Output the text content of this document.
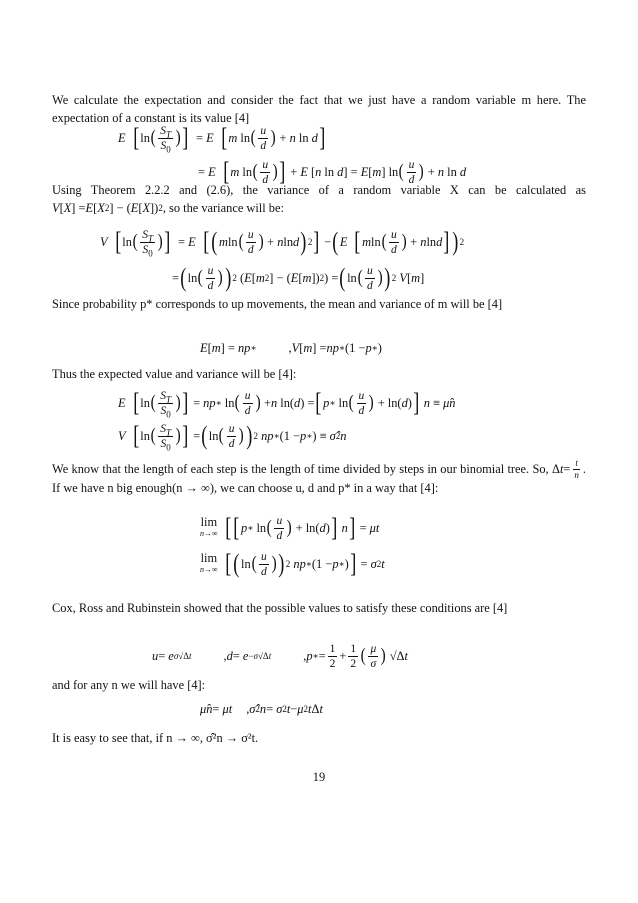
We calculate the expectation and consider the fact that we just have a random variable m here. The expectation of a constant is its value [4]
E [ ln ( $\frac{S_T}{S_0}$ ) ] = E [ m ln ( $\frac{u}{d}$ ) + n ln d ]
= E [ m ln ( $\frac{u}{d}$ ) ] + E [ n ln d ] = E [ m ] ln ( $\frac{u}{d}$ ) + n ln d
Using Theorem 2.2.2 and (2.6), the variance of a random variable X can be calculated as
V [ X ] = E [ X 2 ] − ( E [ X ]) 2 , so the variance will be:
V [ ln ( $\frac{S_T}{S_0}$ ) ] = E [ ( m ln ( $\frac{u}{d}$ ) + n ln d ) 2 ] − ( E [ m ln ( $\frac{u}{d}$ ) + n ln d ] ) 2
= ( ln ( $\frac{u}{d}$ ) ) 2 ( E [ m 2 ] − ( E [ m ]) 2 ) = ( ln ( $\frac{u}{d}$ ) ) 2
V [ m ]
Since probability p* corresponds to up movements, the mean and variance of m will be [4]
E [ m ] = np ∗	, V [ m ] = np ∗ (1 − p ∗ )
Thus the expected value and variance will be [4]:
E [ ln ( $\frac{S_T}{S_0}$ ) ] = np ∗ ln ( $\frac{u}{d}$ ) + n ln( d ) = [ p ∗ ln ( $\frac{u}{d}$ ) + ln( d ) ]
n ≡ μ̂n
V [ ln ( $\frac{S_T}{S_0}$ ) ] = ( ln ( $\frac{u}{d}$ ) ) 2
np ∗ (1 − p ∗ ) ≡ σ̂ 2 n
We know that the length of each step is the length of time divided by steps in our binomial tree. So, Δ $t = \frac{t}{n}$ . If we have n big enough(n → ∞), we can choose u, d and p* in a way that [4]:
lim
n→∞ [ [ p ∗ ln ( $\frac{u}{d}$ ) + ln( d ) ]
n ] = μt
lim
n→∞ [ ( ln ( $\frac{u}{d}$ ) ) 2
np ∗ (1 − p ∗ ) ] = σ 2 t
Cox, Ross and Rubinstein showed that the possible values to satisfy these conditions are [4]
u = e σ√Δt	, d = e −σ√Δt	, p ∗ = $\frac{1}{2} + \frac{1}{2}$ ( $\frac{\mu}{\sigma}$ ) √Δ t
and for any n we will have [4]:
μ̂n = μt , σ̂ 2 n = σ 2 t − μ 2 t Δ t
It is easy to see that, if n → ∞, σ̂²n → σ²t.
19
